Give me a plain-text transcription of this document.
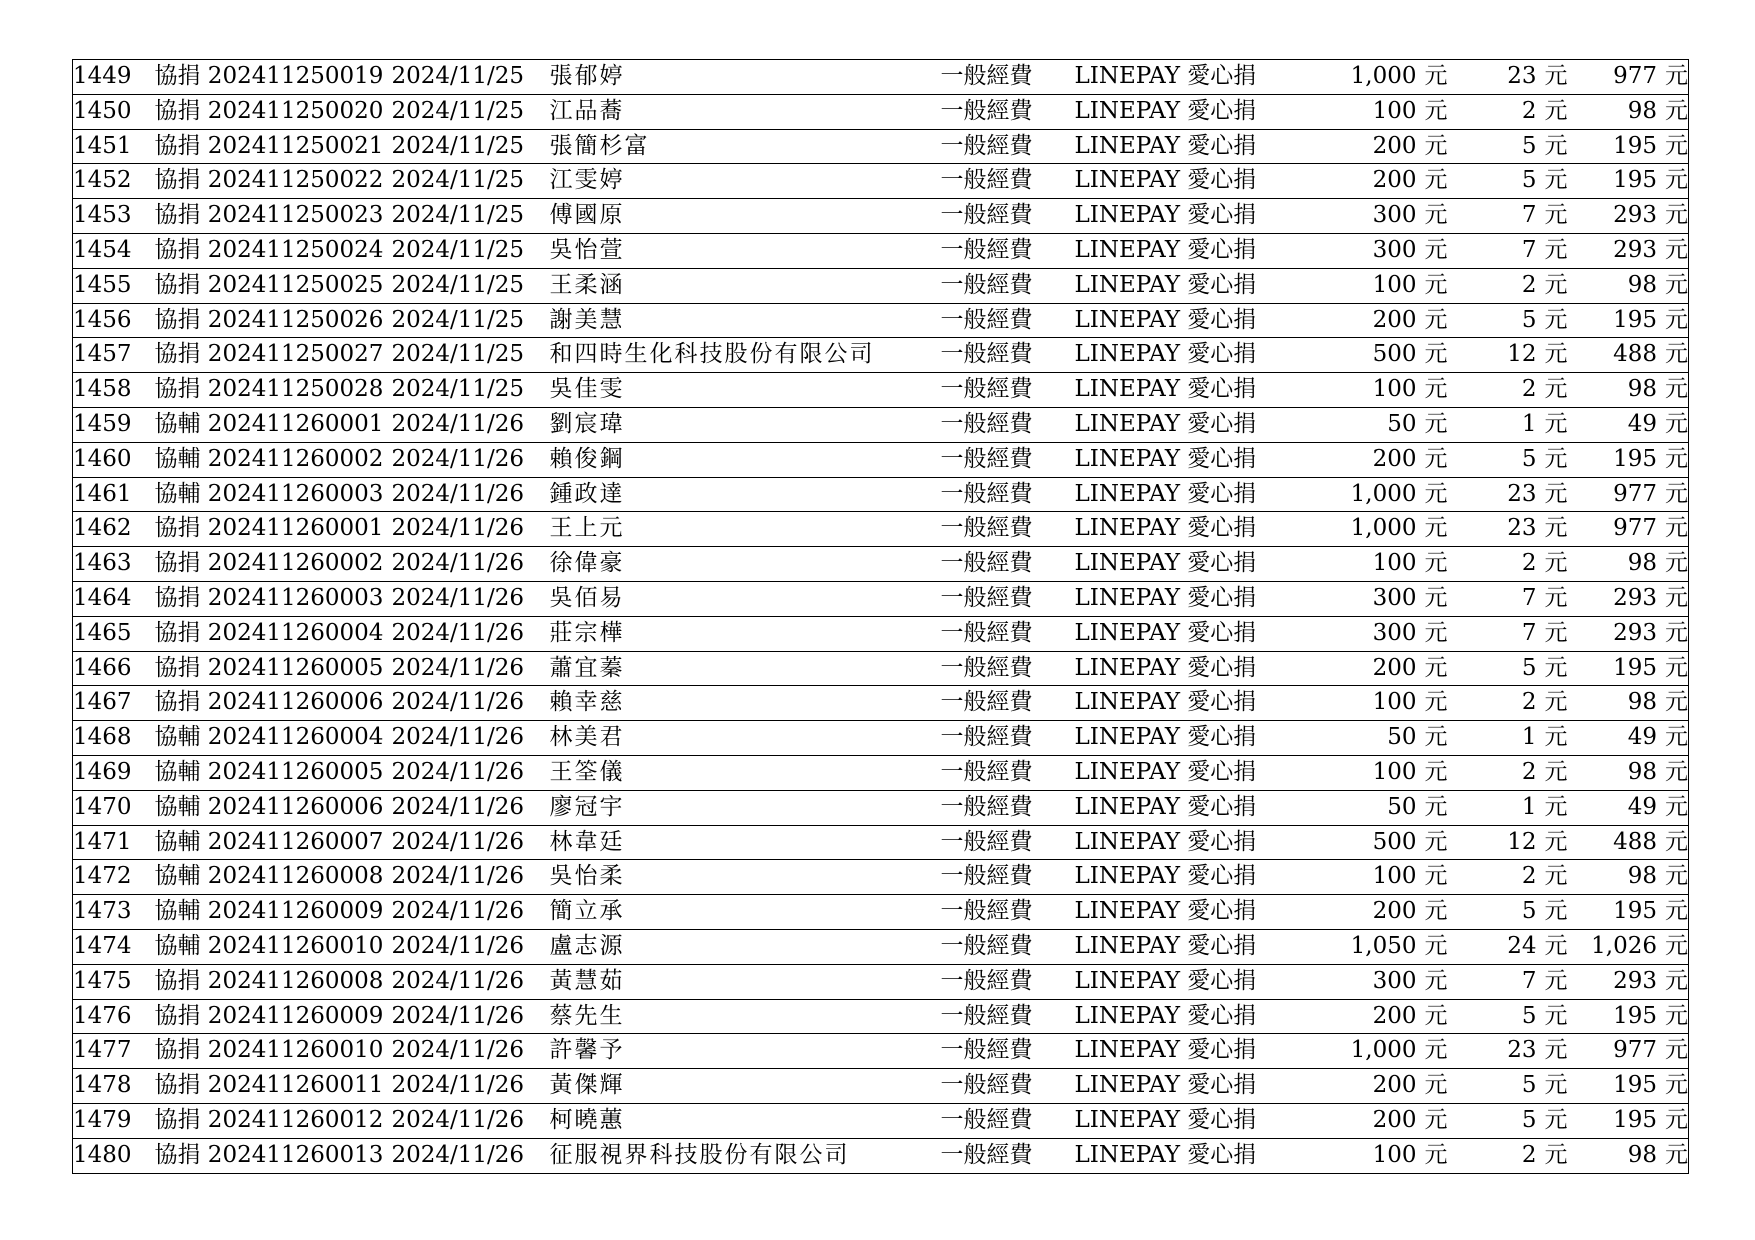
1449	協捐 202411250019	2024/11/25	張郁婷	一般經費	LINEPAY 愛心捐	1,000 元	23 元	977 元
1450	協捐 202411250020	2024/11/25	江品蕎	一般經費	LINEPAY 愛心捐	100 元	2 元	98 元
1451	協捐 202411250021	2024/11/25	張簡杉富	一般經費	LINEPAY 愛心捐	200 元	5 元	195 元
1452	協捐 202411250022	2024/11/25	江雯婷	一般經費	LINEPAY 愛心捐	200 元	5 元	195 元
1453	協捐 202411250023	2024/11/25	傅國原	一般經費	LINEPAY 愛心捐	300 元	7 元	293 元
1454	協捐 202411250024	2024/11/25	吳怡萱	一般經費	LINEPAY 愛心捐	300 元	7 元	293 元
1455	協捐 202411250025	2024/11/25	王柔涵	一般經費	LINEPAY 愛心捐	100 元	2 元	98 元
1456	協捐 202411250026	2024/11/25	謝美慧	一般經費	LINEPAY 愛心捐	200 元	5 元	195 元
1457	協捐 202411250027	2024/11/25	和四時生化科技股份有限公司	一般經費	LINEPAY 愛心捐	500 元	12 元	488 元
1458	協捐 202411250028	2024/11/25	吳佳雯	一般經費	LINEPAY 愛心捐	100 元	2 元	98 元
1459	協輔 202411260001	2024/11/26	劉宸瑋	一般經費	LINEPAY 愛心捐	50 元	1 元	49 元
1460	協輔 202411260002	2024/11/26	賴俊鋼	一般經費	LINEPAY 愛心捐	200 元	5 元	195 元
1461	協輔 202411260003	2024/11/26	鍾政達	一般經費	LINEPAY 愛心捐	1,000 元	23 元	977 元
1462	協捐 202411260001	2024/11/26	王上元	一般經費	LINEPAY 愛心捐	1,000 元	23 元	977 元
1463	協捐 202411260002	2024/11/26	徐偉豪	一般經費	LINEPAY 愛心捐	100 元	2 元	98 元
1464	協捐 202411260003	2024/11/26	吳佰易	一般經費	LINEPAY 愛心捐	300 元	7 元	293 元
1465	協捐 202411260004	2024/11/26	莊宗樺	一般經費	LINEPAY 愛心捐	300 元	7 元	293 元
1466	協捐 202411260005	2024/11/26	蕭宜蓁	一般經費	LINEPAY 愛心捐	200 元	5 元	195 元
1467	協捐 202411260006	2024/11/26	賴幸慈	一般經費	LINEPAY 愛心捐	100 元	2 元	98 元
1468	協輔 202411260004	2024/11/26	林美君	一般經費	LINEPAY 愛心捐	50 元	1 元	49 元
1469	協輔 202411260005	2024/11/26	王筌儀	一般經費	LINEPAY 愛心捐	100 元	2 元	98 元
1470	協輔 202411260006	2024/11/26	廖冠宇	一般經費	LINEPAY 愛心捐	50 元	1 元	49 元
1471	協輔 202411260007	2024/11/26	林韋廷	一般經費	LINEPAY 愛心捐	500 元	12 元	488 元
1472	協輔 202411260008	2024/11/26	吳怡柔	一般經費	LINEPAY 愛心捐	100 元	2 元	98 元
1473	協輔 202411260009	2024/11/26	簡立承	一般經費	LINEPAY 愛心捐	200 元	5 元	195 元
1474	協輔 202411260010	2024/11/26	盧志源	一般經費	LINEPAY 愛心捐	1,050 元	24 元	1,026 元
1475	協捐 202411260008	2024/11/26	黃慧茹	一般經費	LINEPAY 愛心捐	300 元	7 元	293 元
1476	協捐 202411260009	2024/11/26	蔡先生	一般經費	LINEPAY 愛心捐	200 元	5 元	195 元
1477	協捐 202411260010	2024/11/26	許馨予	一般經費	LINEPAY 愛心捐	1,000 元	23 元	977 元
1478	協捐 202411260011	2024/11/26	黃傑輝	一般經費	LINEPAY 愛心捐	200 元	5 元	195 元
1479	協捐 202411260012	2024/11/26	柯曉蕙	一般經費	LINEPAY 愛心捐	200 元	5 元	195 元
1480	協捐 202411260013	2024/11/26	征服視界科技股份有限公司	一般經費	LINEPAY 愛心捐	100 元	2 元	98 元
